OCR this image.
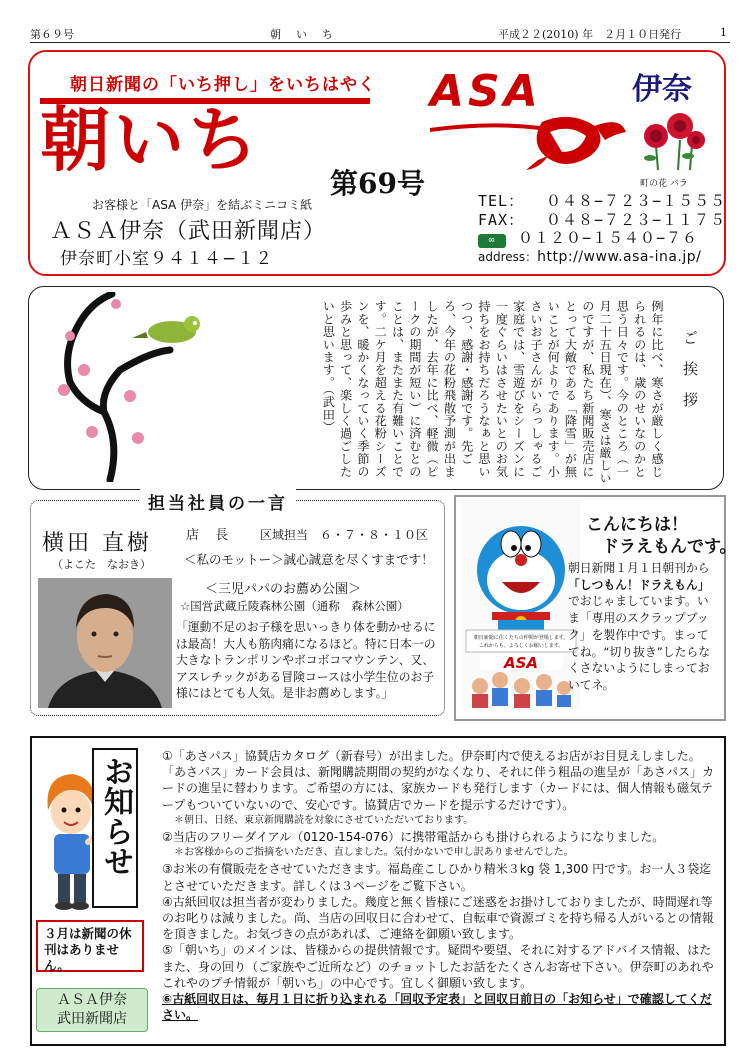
第６９号	朝　い　ち	平成２２(2010) 年　２月１０日発行	1
朝日新聞の「いち押し」をいちはやく
朝いち
ASA
第69号
伊奈
町の花 バラ
お客様と「ASA 伊奈」を結ぶミニコミ紙
ＡＳＡ伊奈（武田新聞店）
伊奈町小室９４１４−１２
TEL： ０４８−７２３−１５５５
FAX： ０４８−７２３−１１７５
∞ ０１２０−１５４０−７６
address：http://www.asa-ina.jp/
ご挨拶
例年に比べ、寒さが厳しく感じられるのは、歳のせいなのかと思う日々です。今のところ（一月二十五日現在）、寒さは厳しいのですが、私たち新聞販売店にとって大敵である「降雪」が無いことが何よりであります。小さいお子さんがいらっしゃるご家庭では、雪遊びをシーズンに一度ぐらいはさせたいとのお気持ちをお持ちだろうなぁと思いつつ、感謝・感謝です。先ごろ、今年の花粉飛散予測が出ましたが、去年に比べ、軽微（ピークの期間が短い）に済むとのことは、またまた有難いことです。二ケ月を超える花粉シーズンを、暖かくなっていく季節の歩みと思って、楽しく過ごしたいと思います。（武田）
担当社員の一言
横田 直樹
（よこた　なおき）
店 長 区域担当　６・７・８・１０区
＜私のモットー＞誠心誠意を尽くすまです！
＜三児パパのお薦め公園＞
☆国営武蔵丘陵森林公園（通称　森林公園）
「運動不足のお子様を思いっきり体を動かせるには最高！大人も筋肉痛になるほど。特に日本一の大きなトランポリンやボコボコマウンテン、又、アスレチックがある冒険コースは小学生位のお子様にはとても人気。是非お薦めします。」
朝日新聞に住くたちの仲間が登場します。
これからも、よろしくお願いします。
ASA
こんにちは！
ドラえもんです。
朝日新聞１月１日朝刊から
「しつもん！ドラえもん」でおじゃましています。いま「専用のスクラップブック」を製作中です。まっててね。“切り抜き”したらなくさないようにしまっておいてネ。
お知らせ
３月は新聞の休刊はありません。
ＡＳＡ伊奈
武田新聞店

①「あさパス」協賛店カタログ（新春号）が出ました。伊奈町内で使えるお店がお目見えしました。「あさパス」カード会員は、新聞購読期間の契約がなくなり、それに伴う粗品の進呈が「あさパス」カードの進呈に替わります。ご希望の方には、家族カードも発行します（カードには、個人情報も磁気テープもついていないので、安心です。協賛店でカードを提示するだけです）。

＊朝日、日経、東京新聞購読を対象にさせていただいております。

②当店のフリーダイアル（0120-154-076）に携帯電話からも掛けられるようになりました。

＊お客様からのご指摘をいただき、直しました。気付かないで申し訳ありませんでした。

③お米の有償販売をさせていただきます。福島産こしひかり精米３kg 袋 1,300 円です。お一人３袋迄とさせていただきます。詳しくは３ページをご覧下さい。

④古紙回収は担当者が変わりました。幾度と無く皆様にご迷惑をお掛けしておりましたが、時間遅れ等のお叱りは減りました。尚、当店の回収日に合わせて、自転車で資源ゴミを持ち帰る人がいるとの情報を頂きました。お気づきの点があれば、ご連絡を御願い致します。

⑤「朝いち」のメインは、皆様からの提供情報です。疑問や要望、それに対するアドバイス情報、はたまた、身の回り（ご家族やご近所など）のチョットしたお話をたくさんお寄せ下さい。伊奈町のあれやこれやのプチ情報が「朝いち」の中心です。宜しく御願い致します。

⑥古紙回収日は、毎月１日に折り込まれる「回収予定表」と回収日前日の「お知らせ」で確認してください。
